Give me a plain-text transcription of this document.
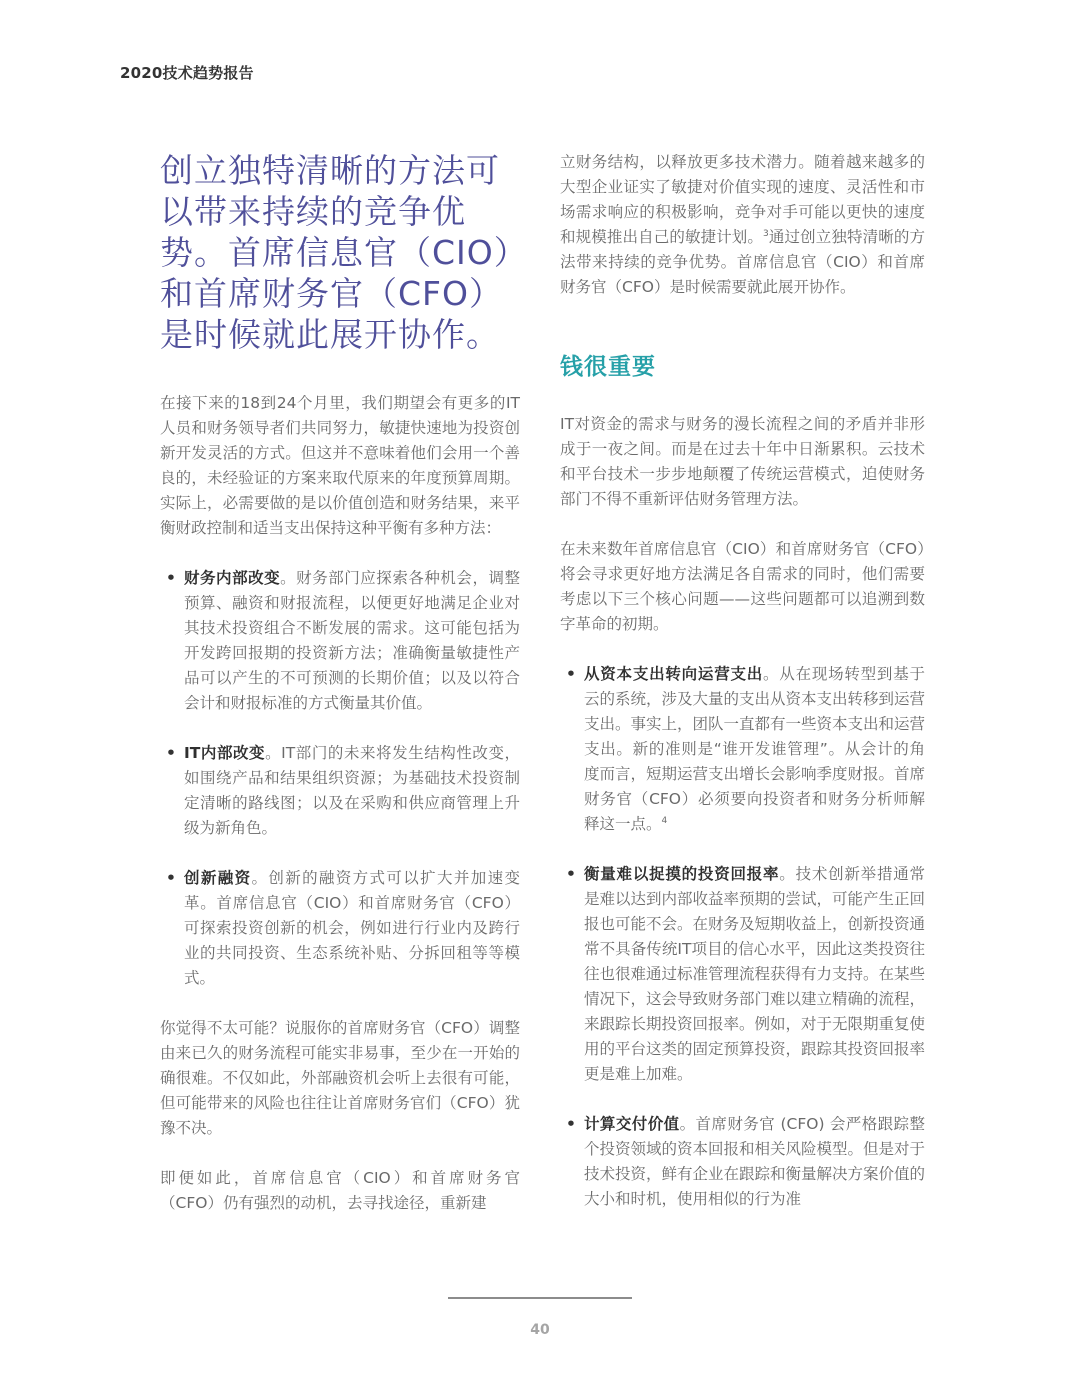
2020技术趋势报告
创立独特清晰的方法可以带来持续的竞争优势。首席信息官（CIO）和首席财务官（CFO）是时候就此展开协作。

在接下来的18到24个月里，我们期望会有更多的IT人员和财务领导者们共同努力，敏捷快速地为投资创新开发灵活的方式。但这并不意味着他们会用一个善良的，未经验证的方案来取代原来的年度预算周期。实际上，必需要做的是以价值创造和财务结果，来平衡财政控制和适当支出保持这种平衡有多种方法：

• 财务内部改变。财务部门应探索各种机会，调整预算、融资和财报流程，以便更好地满足企业对其技术投资组合不断发展的需求。这可能包括为开发跨回报期的投资新方法；准确衡量敏捷性产品可以产生的不可预测的长期价值；以及以符合会计和财报标准的方式衡量其价值。
• IT内部改变。IT部门的未来将发生结构性改变，如围绕产品和结果组织资源；为基础技术投资制定清晰的路线图；以及在采购和供应商管理上升级为新角色。
• 创新融资。创新的融资方式可以扩大并加速变革。首席信息官（CIO）和首席财务官（CFO）可探索投资创新的机会，例如进行行业内及跨行业的共同投资、生态系统补贴、分拆回租等等模式。

你觉得不太可能？说服你的首席财务官（CFO）调整由来已久的财务流程可能实非易事，至少在一开始的确很难。不仅如此，外部融资机会听上去很有可能，但可能带来的风险也往往让首席财务官们（CFO）犹豫不决。

即便如此，首席信息官（CIO）和首席财务官（CFO）仍有强烈的动机，去寻找途径，重新建

立财务结构，以释放更多技术潜力。随着越来越多的大型企业证实了敏捷对价值实现的速度、灵活性和市场需求响应的积极影响，竞争对手可能以更快的速度和规模推出自己的敏捷计划。$^3$通过创立独特清晰的方法带来持续的竞争优势。首席信息官（CIO）和首席财务官（CFO）是时候需要就此展开协作。

钱很重要

IT对资金的需求与财务的漫长流程之间的矛盾并非形成于一夜之间。而是在过去十年中日渐累积。云技术和平台技术一步步地颠覆了传统运营模式，迫使财务部门不得不重新评估财务管理方法。

在未来数年首席信息官（CIO）和首席财务官（CFO）将会寻求更好地方法满足各自需求的同时，他们需要考虑以下三个核心问题——这些问题都可以追溯到数字革命的初期。

• 从资本支出转向运营支出。从在现场转型到基于云的系统，涉及大量的支出从资本支出转移到运营支出。事实上，团队一直都有一些资本支出和运营支出。新的准则是“谁开发谁管理”。从会计的角度而言，短期运营支出增长会影响季度财报。首席财务官（CFO）必须要向投资者和财务分析师解释这一点。$^4$
• 衡量难以捉摸的投资回报率。技术创新举措通常是难以达到内部收益率预期的尝试，可能产生正回报也可能不会。在财务及短期收益上，创新投资通常不具备传统IT项目的信心水平，因此这类投资往往也很难通过标准管理流程获得有力支持。在某些情况下，这会导致财务部门难以建立精确的流程，来跟踪长期投资回报率。例如，对于无限期重复使用的平台这类的固定预算投资，跟踪其投资回报率更是难上加难。
• 计算交付价值。首席财务官 (CFO) 会严格跟踪整个投资领域的资本回报和相关风险模型。但是对于技术投资，鲜有企业在跟踪和衡量解决方案价值的大小和时机，使用相似的行为准
40
